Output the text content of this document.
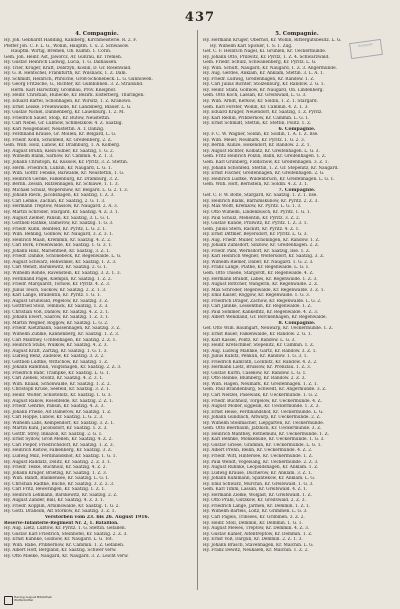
437
Ausgabe
4. Compagnie.
Hy. Joh. Gebhardt Hadding, Kahlberg, Kirchmeisterie. R. 2. F.
Pfeffer Joh. C. F. L. G., Wollin, Hauptm. 1. u. 2. Schwasow.
Hauptm. Wirtig, Bremen, Ob. Kulmb. 1. Corin.
Gem. Joh. Heinr. Ast, Jaworcz, Ar. Guhrau, Kr. Tremen.
Hy. Gustav Heinrich Ludwig, Lucia, 1. G. Dalhausen.
Hy. Trier, Krüger, Kraft, Dobrzyn, Köslin, D. Gr. Rosenwald.
Hy. G. R. Hentschel, Frankfurth, Kr. Wilsnack, 1. Z. Dam.
Hy. Schmidt, Heinrich, Pfirsiche, Groß-Schönebeck. L. G. Gunnowen.
Hy. Georg Fritzsche, G., Richter, Kr. Gumbinnen. 3. Z. Stralsund.
Herm. Karl Harwitzky, Gromhau, Prov. Kneiphof.
Hy. Heinr. Christian, Hünecke, Kr. Bezirk. Elsterberg, Thüringen.
Hy. Eduard Bartel, Schönhagen, Kr. Wirsitz, 1. Z. Kranowo.
Hy. Ernst Leiske, Freienwalde, Kr. Landsberg, Blauer. L. G.
Hy. Gustav Nickel, Dannenberg, Kr. Lauenburg. 1. 2. M.
Hy. Friedrich Sauer, Stolp, Kr. Bütow, Neustettin.
Hy. Carl Nebel, Gr. Lubnow, Schmelzkow. 4. Z. Saatzig.
Hy. Karl Neugebauer, Neustettin. A. T. Danzig.
Hy. Ferdinand Krause, Gr. Möllen, Kr. Belgard, L. G.
Hy. Friedr. Köhn, Schönfeld, Kr. Greifenberg, 2. Z.
Gem. Wilh. Holz, Lubow, Kr. Dramburg, 1. A. Kolberg.
Hy. August Bruhn, Klein-Silber, Kr. Saatzig, 1. G. 2.
Hy. Wilhelm Blank, Sarnow, Kr. Cammin. 4. Z. 1. 3.
Hy. Johann Christoph, Kl. Küssow, Kr. Pyritz, 3. Z. Stettin.
Hy. Herm. Friedrich, Lübzin, Kr. Naugard, L. G. 1.
Hy. Wilh. Gottfr. Fenske, Bärwalde, Kr. Neustettin, 1. G.
Hy. Heinrich Gerike, Falkenburg, Kr. Dramburg, 3. Z.
Hy. Bernh. Zessin, Rützenhagen, Kr. Schlawe, 1. 1. 3.
Hy. Michael Schulz, Wopersnow, Kr. Belgard. L. G. 2. T. 3.
Hy. Johann Rieck, Jacobshagen, Kr. Saatzig, 1. Z. 3.
Hy. Carl Lemke, Zachan, Kr. Saatzig, 2. G. 1. 3.
Hy. Hermann Treptow, Massow, Kr. Naugard. 2. A. 3.
Hy. Martin Schröder, Stargard, Kr. Saatzig. 4. Z. 3. 1.
Hy. August Ziemer, Pansin, Kr. Saatzig, 3. L. G. 1.
Hy. Gottlieb Rathke, Damerow, Kr. Saatzig. 1. G. 3.
Hy. Friedr. Kuhn, Reinfeld, Kr. Pyritz, L. G. 2. 1.
Hy. Wilh. Behling, Gollnow, Kr. Naugard, 3. Z. 3. 1.
Hy. Heinrich Maaß, Kremmin, Kr. Saatzig. 4. Z. 2.
Hy. Carl Bork, Freienwalde, Kr. Saatzig. 1. G. 3. T.
Hy. Johann Hinz, Marienfließ, Kr. Saatzig, 3. Z. 1.
Hy. Friedr. Dahlke, Schönebeck, Kr. Regenwalde. L. G.
Hy. August Schwarz, Rehwinkel, Kr. Saatzig. 1. Z. 3.
Hy. Carl Wendt, Barskewitz, Kr. Saatzig. 2. G. 1.
Hy. Wilhelm Rohde, Ravenstein, Kr. Saatzig. 3. Z. 1. 3.
Hy. Ferdinand Pagel, Klempin, Kr. Saatzig. 1. Z. 2.
Hy. Friedr. Marquardt, Tornow, Kr. Pyritz. 4. Z. 3.
Hy. Julius Tesch, Suckow, Kr. Saatzig. 2. Z. 1. 3.
Hy. Karl Lange, Brallentin, Kr. Pyritz. 1. G. 1.
Hy. August Grunwald, Pegelow, Kr. Saatzig. 3. Z.
Hy. Gottfried Stolz, Temnick, Kr. Saatzig, 1. Z. 3.
Hy. Christian Voß, Dahlow, Kr. Saatzig. 4. Z. 2. 1.
Hy. Johann Ewert, Saarow, Kr. Saatzig. 1. Z. 3. 1.
Hy. Martin Wegner, Roggow, Kr. Saatzig. L. G. 2.
Hy. Friedr. Kietzmann, Sassenhagen, Kr. Saatzig. 3. Z.
Hy. Wilhelm Zühlke, Kannenberg, Kr. Saatzig. 1. Z. 3.
Hy. Carl Manthey, Uchtenhagen, Kr. Saatzig. 2. Z. 1.
Hy. Heinrich Stübs, Wulkow, Kr. Saatzig. 4. Z. 3.
Hy. August Kraft, Zartzig, Kr. Saatzig. 1. G. 1. 3.
Hy. Ludwig Benz, Zadelow, Kr. Saatzig. 3. Z. 2.
Hy. Gottlieb Lüdtke, Wittichow, Kr. Saatzig. 1. Z.
Hy. Johann Ramthun, Voigtshagen, Kr. Saatzig. 2. Z. 3.
Hy. Friedrich Bahr, Trampke, Kr. Saatzig. L. G. 1.
Hy. Carl Ziebell, Stölitz, Kr. Saatzig. 4. Z. 3. 1.
Hy. Wilh. Knaak, Schönwalde, Kr. Saatzig. 1. Z. 2.
Hy. Christoph Kruse, Seefeld, Kr. Saatzig. 3. Z. 1.
Hy. Heinr. Wolter, Schlötenitz, Kr. Saatzig. 1. G. 3.
Hy. August Rakow, Rosenfelde, Kr. Saatzig. 2. Z. 1.
Hy. Friedr. Gehrke, Pansin, Kr. Saatzig. 4. Z. 3.
Hy. Johann Priebe, Alt Damerow, Kr. Saatzig. 1. Z.
Hy. Carl Hoppe, Lübow, Kr. Saatzig. L. G. 2. 3.
Hy. Wilhelm Labs, Kempendorf, Kr. Saatzig. 3. Z. 1.
Hy. Martin Kühl, Jacobsdorf, Kr. Saatzig. 1. Z. 3.
Hy. Gottfr. Strey, Ihnazoll, Kr. Saatzig. 2. G. 1.
Hy. Ernst Sydow, Groß Mellen, Kr. Saatzig. 4. Z. 2.
Hy. Carl Pieper, Friedrichsdorf, Kr. Saatzig. 1. Z. 3.
Hy. Heinrich Ristow, Falkenberg, Kr. Saatzig. 3. Z.
Hy. Ludwig Milz, Ferdinandshof, Kr. Saatzig. 1. G. 1.
Hy. August Raddatz, Dölitz, Kr. Saatzig. 2. Z. 3. 1.
Hy. Friedr. Teske, Buchholz, Kr. Saatzig. 4. Z. 2.
Hy. Johann Krüger, Brietzig, Kr. Saatzig. 1. Z. 3.
Hy. Wilh. Bandt, Blankensee, Kr. Saatzig. L. G. 1.
Hy. Christian Radtke, Büche, Kr. Saatzig. 3. Z. 2. 3.
Hy. Carl Fritz, Beweringen, Kr. Saatzig. 1. Z. 1.
Hy. Heinrich Lehmann, Barskewitz, Kr. Saatzig. 2. Z.
Hy. August Zander, Ball, Kr. Saatzig. 4. Z. 3. 1.
Hy. Friedr. Kopplin, Arnimswalde, Kr. Saatzig. 1. G. 2.
Hy. Gottl. Draheim, Alt Storkow, Kr. Saatzig. 3. Z. 1.
Verstorben vom 23. bis 26. August 1916.
Reserve-Infanterie-Regiment Nr. 2, 1. Bataillon.
Hy. Aug. Lietz, Lübtow, Kr. Pyritz. 1. G. Stettin. Gefallen.
Hy. Gustav Karl Friedrich, Steinhöfel, Kr. Saatzig. 2. Z. 3.
Hy. Ernst Kuhnke, Gollnow, Kr. Naugard. L. G. Tot.
Hy. Wilh. Rabe, Pribbernow, Kr. Cammin. 1. Z. Gefallen.
Hy. Albert Hoff, Bergland, Kr. Saatzig. Schwer verw.
Hy. Otto Mielke, Naugard, Kr. Naugard. 3. Z. Leicht verw.
5. Compagnie.
Hy. Hermann Krüger, Oberhof, Kr. Wollin, Rittergutsbesitz. L. G.
Hy. Wilhelm Karl Spicker, 1. S. 1. Zug.
Gef. C. F. Heinrich Nagel, Kl. Gruhlen, Kr. Ueckermünde.
Hy. Johann Otto, Prillwitz, Kr. Pyritz, 1. Z. 4. Schwarzwald.
Gem. Friedr. Schulz, Schwanenberg, Kr. Pyritz. L. G.
Hy. Wilh. Schütt, Naugard, Kr. Naugard, 1. Z. 3. Angermünde.
Hy. Aug. Gerdes, Anklam, Kr. Anklam, Stettin. 3. L. A. 1.
Hy. Friedr. Ludwig, Greifenhagen, Kr. Randow. 1. Z.
Hy. Carl Julius Richter, Stolzenburg, Kr. Randow. 2. G. 1.
Hy. Heinr. Stahl, Gollnow, Kr. Naugard, Ob. Lindenberg.
Gem. Otto Koch, Lassan, Kr. Greifswald, L. G. 3.
Hy. Wilh. Arndt, Kerkow, Kr. Soldin, 1. Z. 1. Stargard.
Gem. Karl Förster, Wollin, Kr. Cammin. 4. Z. 1. 3.
Hy. Eduard Krüger, Neuendorf, Kr. Saatzig, 1. Z. Pyritz.
Hy. Karl Redlin, Pribbernow, Kr. Cammin. L. G. 1.
Hy. Ernst Schmidt, Stettin, Kr. Stettin, Pölitz. 1. Z.
6. Compagnie.
Hy. F. C. W. Wagner, Soldin, Kr. Soldin, 1. A. 1. Z. Ilse.
Hy. Wilh. Meier, Neumark, Kr. Pyritz. 1. G. 2. 3.
Hy. Bernh. Kunze, Hökendorf, Kr. Randow. 2. Z. 1.
Hy. August Richter, Kolbatz, Kr. Greifenhagen. L. G. 3.
Gem. Fritz Heinrich Polzin, Bahn, Kr. Greifenhagen. 1. Z.
Gem. Karl Grünberg, Fiddichow, Kr. Greifenhagen. 3. Z. 1.
Hy. Johann Schönfeld, Stettin, 1. Z. Gr. Stepenitz, Kr. Naugard.
Hy. Ernst Fischer, Greifenhagen, Kr. Greifenhagen. 2. G.
Hy. Heinrich Lüdtke, Wildenbruch, Kr. Greifenhagen. L. G. 1.
Gem. Wilh. Höft, Bernstein, Kr. Soldin. 4. Z. 3. 1.
7. Compagnie.
Gef. C. F. W. Bolte, Stargard, Kr. Saatzig. 1. Z. 1. Ilse.
Hy. Heinrich Blank, Barnimskunow, Kr. Pyritz. 2. Z. 3.
Hy. Max Wolff, Kremzow, Kr. Pyritz. L. G. 1. 3.
Hy. Otto Wilhelm, Lindenbusch, Kr. Pyritz. 1. G. 1.
Hy. Paul Schulz, Mellentin, Kr. Pyritz. 3. Z. 2.
Hy. Gustav Kunde, Prillwitz, Kr. Pyritz. 1. Z. 3. 1.
Gem. Julius Stern, Rackitt, Kr. Pyritz. 4. Z. 1.
Hy. Ernst Dittmer, Beyersdorf, Kr. Pyritz. L. G. 3.
Hy. Aug. Friedr. Müller, Schöningen, Kr. Randow. 1. Z.
Hy. Johann Zühlsdorf, Sinzlow, Kr. Greifenhagen. 2. Z.
Hy. Friedr. Pahl, Wernsdorf, Kr. Saatzig, Ilse. 1. Z.
Hy. Karl Heinrich Wegner, Woltersdorf, Kr. Saatzig. 3. Z.
Hy. Wilhelm Riemer, Daber, Kr. Naugard. 1. G. 2. 3.
Hy. Franz Lange, Plathe, Kr. Regenwalde. L. G. 1.
Gem. Otto Thiede, Stargordt, Kr. Regenwalde. 4. Z.
Hy. Hermann Brandt, Labes, Kr. Regenwalde. 1. Z. 3.
Hy. August Böttcher, Wangerin, Kr. Regenwalde. 2. Z.
Hy. Max Schröder, Regenwalde, Kr. Regenwalde. 3. Z. 1.
Hy. Emil Kaiser, Roggow, Kr. Regenwalde. 1. G. 3.
Hy. Friedrich Dräger, Zachow, Kr. Regenwalde. L. G. 2.
Hy. Carl Jahnke, Lessenthin, Kr. Regenwalde. 1. Z.
Hy. Paul Sommer, Kankelfitz, Kr. Regenwalde. 4. Z. 3.
Hy. Albert Wendland, Gr. Borckenhagen, Kr. Regenwalde.
8. Compagnie.
Gef. Otto Wilh. Baumgart, Neuwarp, Kr. Ueckermünde. 1. Z.
Hy. Ernst Bauer, Falkenwalde, Kr. Randow. 2. G. 1.
Hy. Karl Kassel, Pölitz, Kr. Randow. L. G. 3.
Hy. Heinr. Kretschmer, Stepenitz, Kr. Cammin. 1. Z.
Hy. Aug. Ludwig Mahnke, Gartz, Kr. Randow. 3. Z. 1.
Hy. Julius Kubitz, Penkun, Kr. Randow. 1. G. 3. 1.
Hy. Friedrich Kamrath, Löcknitz, Kr. Randow. 4. Z. 2.
Hy. Hermann Lietz, Brüssow, Kr. Prenzlau. 1. Z. 3.
Hy. Gustav Kurth, Casekow, Kr. Randow. L. G. 1.
Hy. Otto Reinke, Blumberg, Kr. Randow. 2. Z. 3.
Hy. Wilh. Hagen, Neumark, Kr. Greifenhagen. 1. Z. 1.
Gem. Paul Brandenburg, Schwedt, Kr. Angermünde. 3. Z.
Hy. Carl Neitzel, Pasewalk, Kr. Ueckermünde. 1. G. 2.
Hy. Friedr. Buchholz, Torgelow, Kr. Ueckermünde. 4. Z.
Hy. August Möller, Eggesin, Kr. Ueckermünde. 1. Z. 3.
Hy. Ernst Heise, Ferdinandshof, Kr. Ueckermünde. L. G.
Hy. Johann Gundlach, Altwarp, Kr. Ueckermünde. 2. Z.
Hy. Wilhelm Stellmacher, Liepgarten, Kr. Ueckermünde.
Gem. Otto Beerbaum, Jatznick, Kr. Ueckermünde. 3. Z.
Hy. Heinrich Manthey, Rothemühl, Kr. Ueckermünde. 1. Z.
Hy. Karl Behnke, Mönkebude, Kr. Ueckermünde. 1. G. 3.
Hy. Gustav Griese, Grambin, Kr. Ueckermünde. L. G. 1.
Hy. Albert Prehn, Bellin, Kr. Ueckermünde. 4. Z. 2.
Hy. Friedr. Witt, Hintersee, Kr. Ueckermünde. 1. Z.
Hy. Paul Wendt, Vogelsang, Kr. Ueckermünde. 2. Z. 3.
Hy. August Ruhnke, Leopoldshagen, Kr. Anklam. 1. Z.
Hy. Ludwig Krause, Ducherow, Kr. Anklam. 3. Z. 1.
Hy. Johann Kuhlmann, Spantekow, Kr. Anklam. L. G.
Hy. Emil Schwarz, Murchin, Kr. Greifswald. 1. G. 3.
Gem. Karl Timm, Lassan, Kr. Greifswald. 4. Z. 1.
Hy. Hermann Zielke, Wolgast, Kr. Greifswald. 1. Z.
Hy. Otto Prahl, Gützkow, Kr. Greifswald. 2. Z. 3.
Hy. Friedrich Lange, Jarmen, Kr. Demmin. 1. Z. 1.
Hy. Wilhelm Bartels, Loitz, Kr. Grimmen. L. G. 3.
Hy. Carl Pagels, Tribsees, Kr. Grimmen. 3. Z. 2.
Hy. Heinr. Stoll, Demmin, Kr. Demmin. 1. G. 1.
Hy. August Mewes, Treptow, Kr. Demmin. 4. Z. 3.
Hy. Gustav Kähler, Altentreptow, Kr. Demmin. 1. Z.
Hy. Ernst Voß, Dargun, Kr. Demmin. 2. Z. 1. 3.
Hy. Johann Bräsch, Stavenhagen, Kr. Malchin. L. G.
Hy. Franz Dewitz, Neukalen, Kr. Malchin. 1. Z. 2.
Herzog August Bibliothek Wolfenbüttel
